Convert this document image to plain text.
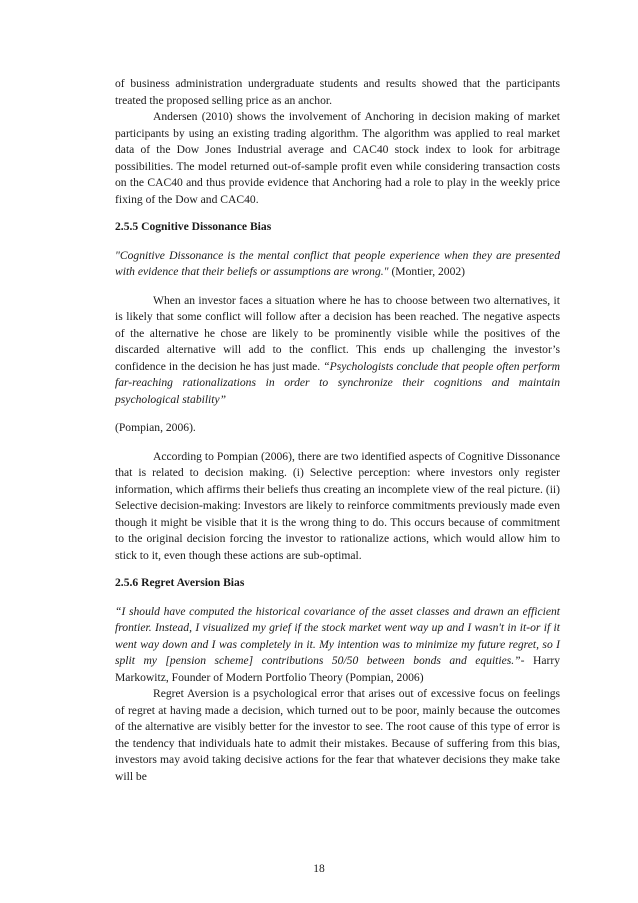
of business administration undergraduate students and results showed that the participants treated the proposed selling price as an anchor.

Andersen (2010) shows the involvement of Anchoring in decision making of market participants by using an existing trading algorithm. The algorithm was applied to real market data of the Dow Jones Industrial average and CAC40 stock index to look for arbitrage possibilities. The model returned out-of-sample profit even while considering transaction costs on the CAC40 and thus provide evidence that Anchoring had a role to play in the weekly price fixing of the Dow and CAC40.

2.5.5 Cognitive Dissonance Bias

"Cognitive Dissonance is the mental conflict that people experience when they are presented with evidence that their beliefs or assumptions are wrong." (Montier, 2002)

When an investor faces a situation where he has to choose between two alternatives, it is likely that some conflict will follow after a decision has been reached. The negative aspects of the alternative he chose are likely to be prominently visible while the positives of the discarded alternative will add to the conflict. This ends up challenging the investor’s confidence in the decision he has just made. “Psychologists conclude that people often perform far-reaching rationalizations in order to synchronize their cognitions and maintain psychological stability”

(Pompian, 2006).

According to Pompian (2006), there are two identified aspects of Cognitive Dissonance that is related to decision making. (i) Selective perception: where investors only register information, which affirms their beliefs thus creating an incomplete view of the real picture. (ii) Selective decision-making: Investors are likely to reinforce commitments previously made even though it might be visible that it is the wrong thing to do. This occurs because of commitment to the original decision forcing the investor to rationalize actions, which would allow him to stick to it, even though these actions are sub-optimal.

2.5.6 Regret Aversion Bias

“I should have computed the historical covariance of the asset classes and drawn an efficient frontier. Instead, I visualized my grief if the stock market went way up and I wasn't in it-or if it went way down and I was completely in it. My intention was to minimize my future regret, so I split my [pension scheme] contributions 50/50 between bonds and equities.”- Harry Markowitz, Founder of Modern Portfolio Theory (Pompian, 2006)

Regret Aversion is a psychological error that arises out of excessive focus on feelings of regret at having made a decision, which turned out to be poor, mainly because the outcomes of the alternative are visibly better for the investor to see. The root cause of this type of error is the tendency that individuals hate to admit their mistakes. Because of suffering from this bias, investors may avoid taking decisive actions for the fear that whatever decisions they make take will be

18
